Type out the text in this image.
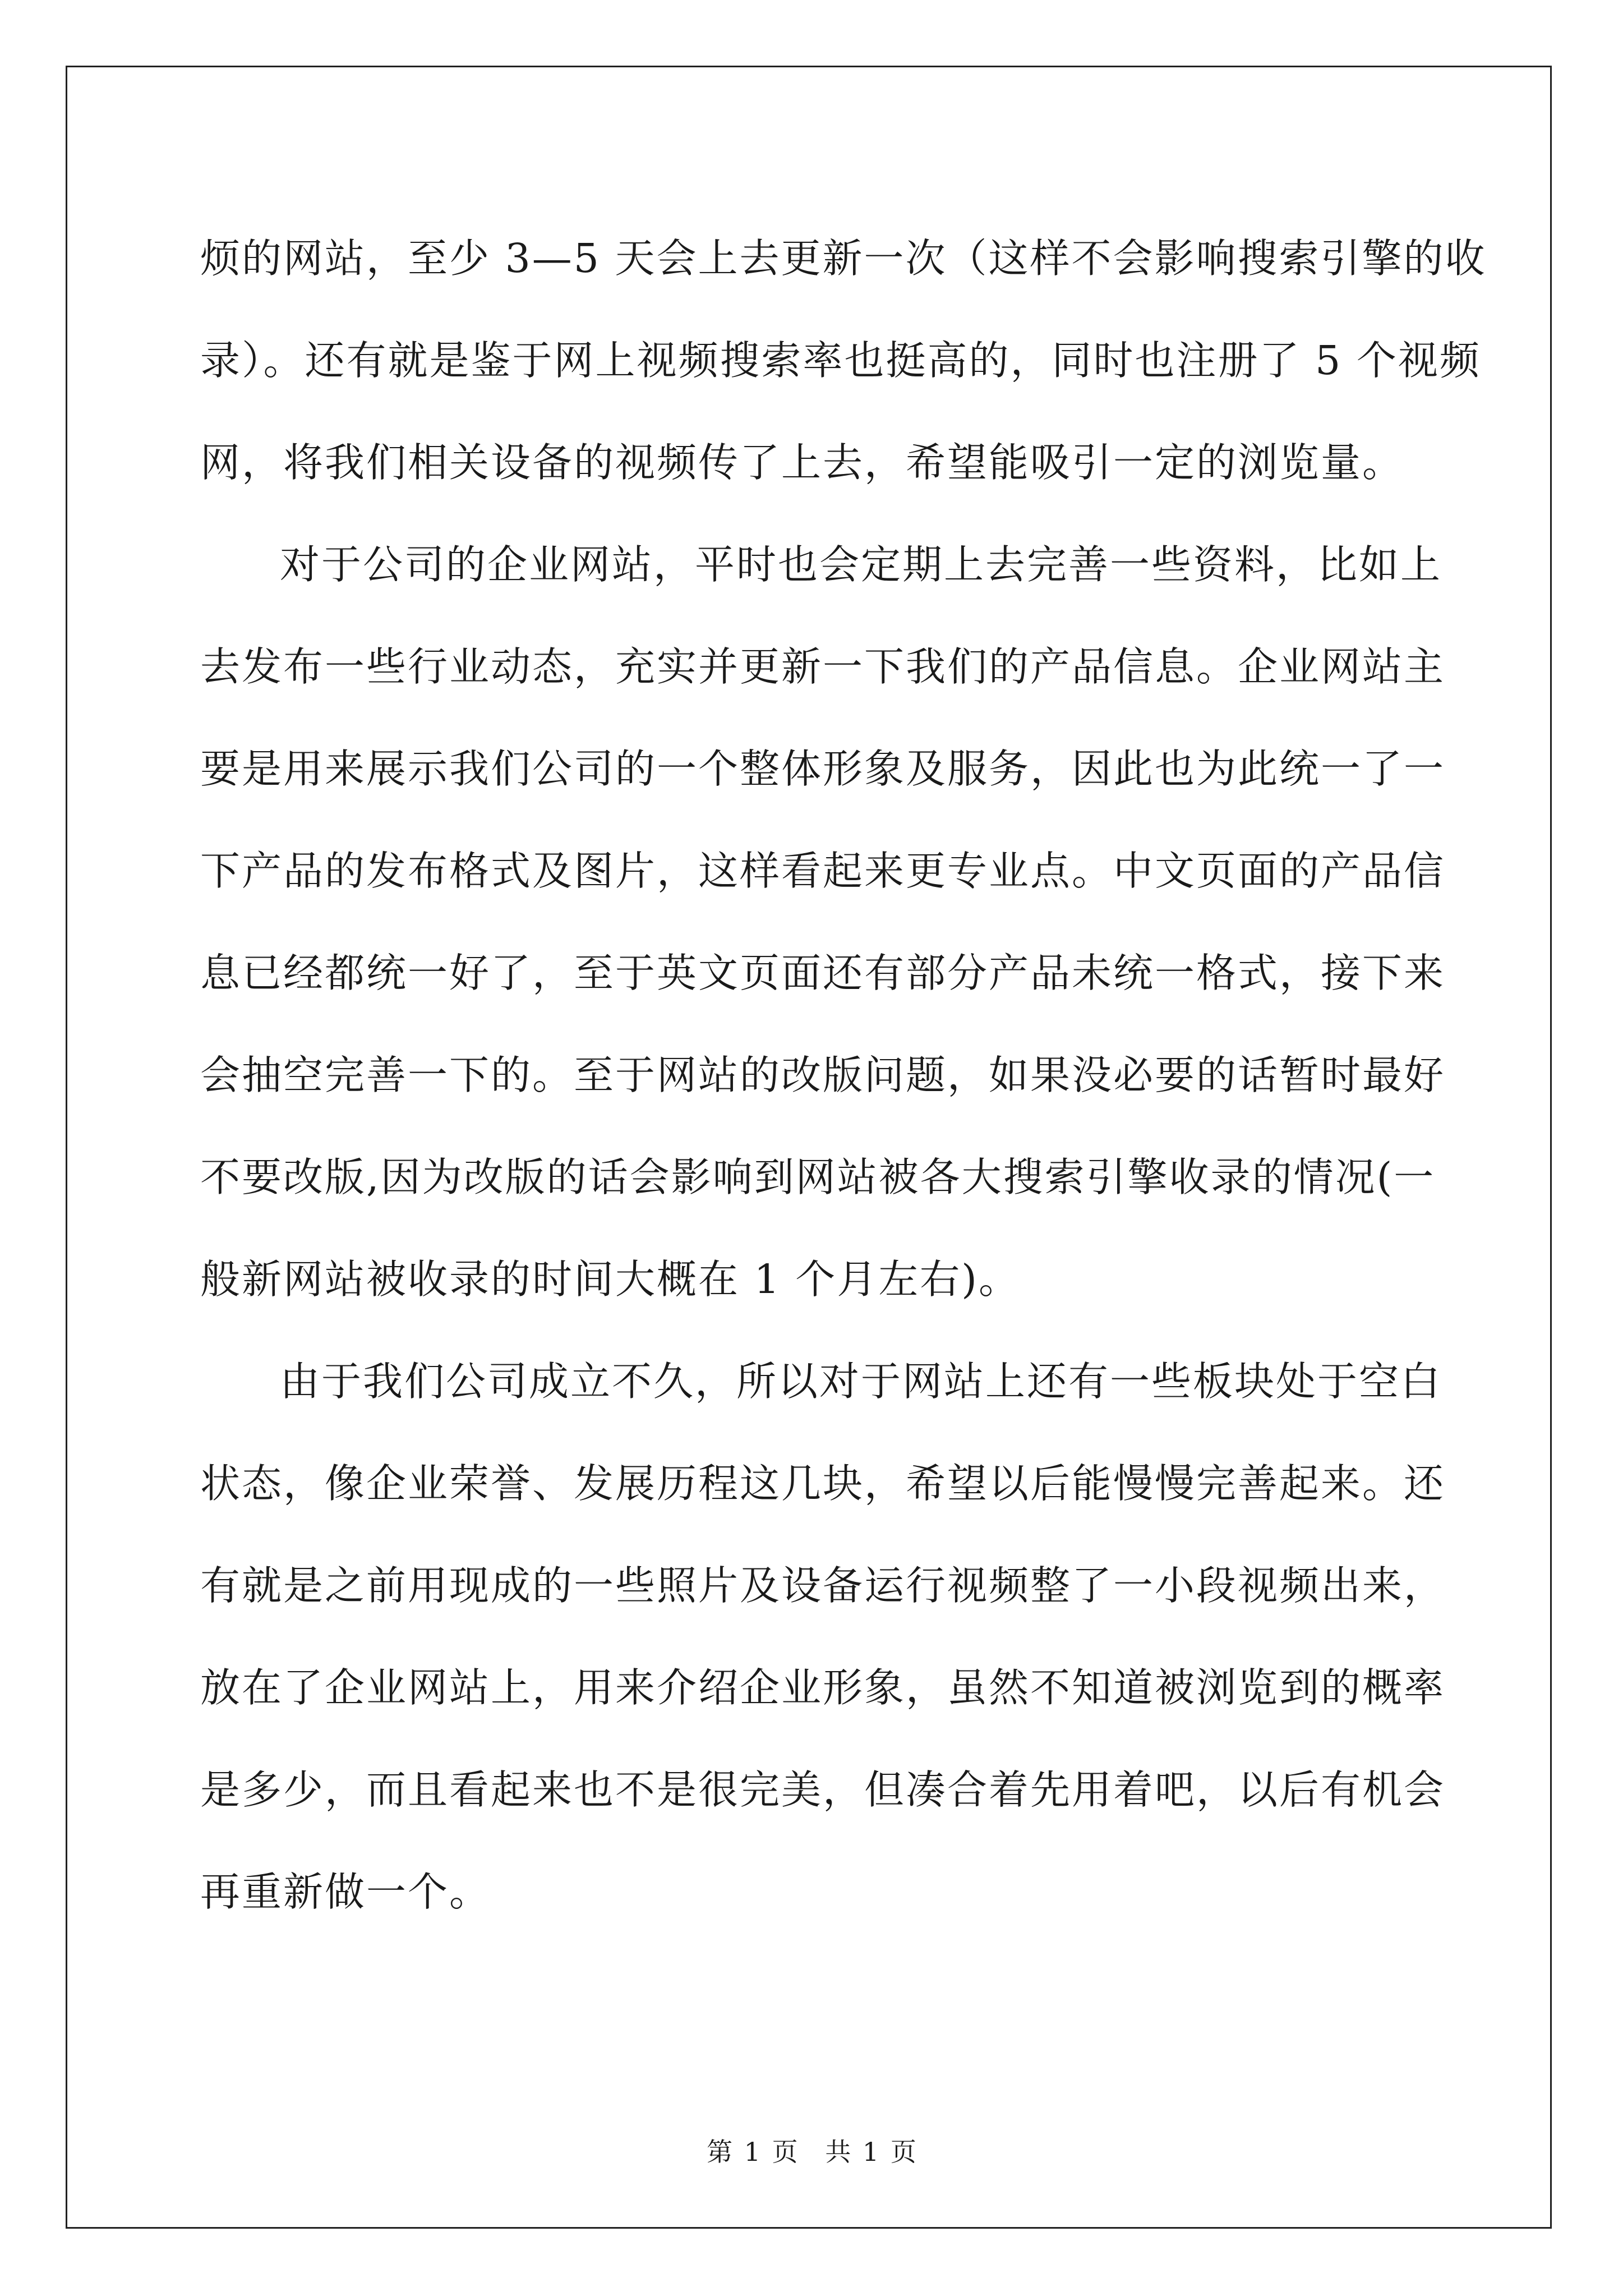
烦的网站，至少 3—5 天会上去更新一次（这样不会影响搜索引擎的收
录）。还有就是鉴于网上视频搜索率也挺高的，同时也注册了 5 个视频
网，将我们相关设备的视频传了上去，希望能吸引一定的浏览量。

对于公司的企业网站，平时也会定期上去完善一些资料，比如上
去发布一些行业动态，充实并更新一下我们的产品信息。企业网站主
要是用来展示我们公司的一个整体形象及服务，因此也为此统一了一
下产品的发布格式及图片，这样看起来更专业点。中文页面的产品信
息已经都统一好了，至于英文页面还有部分产品未统一格式，接下来
会抽空完善一下的。至于网站的改版问题，如果没必要的话暂时最好
不要改版,因为改版的话会影响到网站被各大搜索引擎收录的情况(一
般新网站被收录的时间大概在 1 个月左右)。

由于我们公司成立不久，所以对于网站上还有一些板块处于空白
状态，像企业荣誉、发展历程这几块，希望以后能慢慢完善起来。还
有就是之前用现成的一些照片及设备运行视频整了一小段视频出来，
放在了企业网站上，用来介绍企业形象，虽然不知道被浏览到的概率
是多少，而且看起来也不是很完美，但凑合着先用着吧，以后有机会
再重新做一个。

第 1 页 共 1 页
